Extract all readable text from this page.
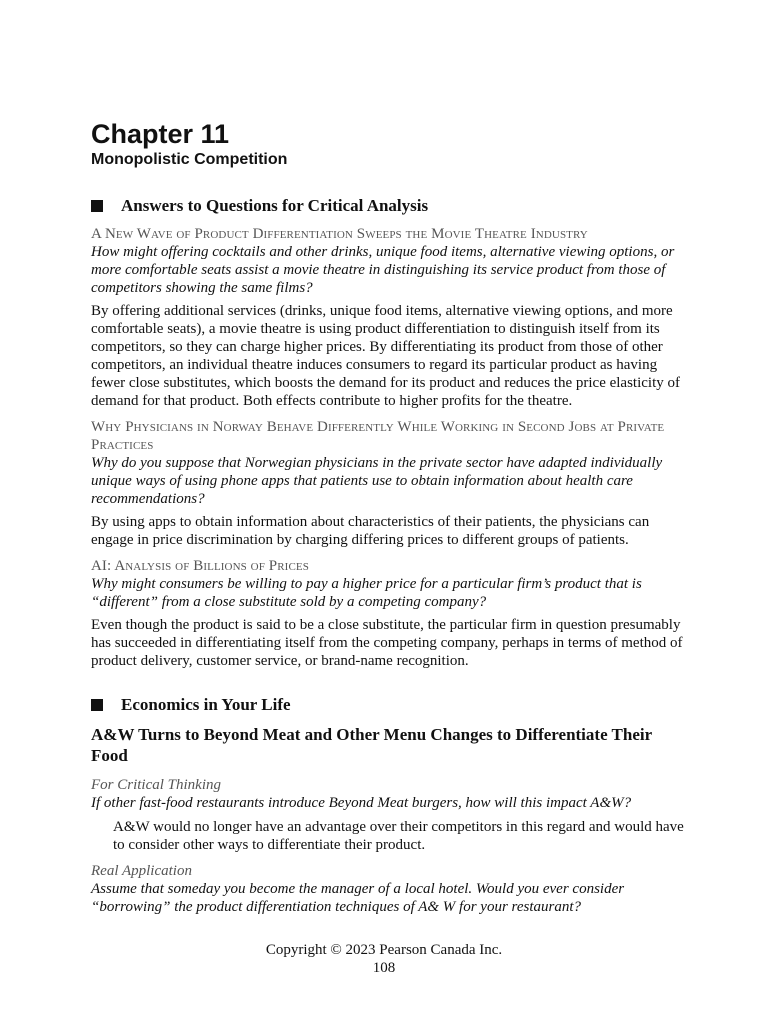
Chapter 11
Monopolistic Competition
Answers to Questions for Critical Analysis
A New Wave of Product Differentiation Sweeps the Movie Theatre Industry
How might offering cocktails and other drinks, unique food items, alternative viewing options, or more comfortable seats assist a movie theatre in distinguishing its service product from those of competitors showing the same films?
By offering additional services (drinks, unique food items, alternative viewing options, and more comfortable seats), a movie theatre is using product differentiation to distinguish itself from its competitors, so they can charge higher prices. By differentiating its product from those of other competitors, an individual theatre induces consumers to regard its particular product as having fewer close substitutes, which boosts the demand for its product and reduces the price elasticity of demand for that product. Both effects contribute to higher profits for the theatre.
Why Physicians in Norway Behave Differently While Working in Second Jobs at Private Practices
Why do you suppose that Norwegian physicians in the private sector have adapted individually unique ways of using phone apps that patients use to obtain information about health care recommendations?
By using apps to obtain information about characteristics of their patients, the physicians can engage in price discrimination by charging differing prices to different groups of patients.
AI: Analysis of Billions of Prices
Why might consumers be willing to pay a higher price for a particular firm’s product that is “different” from a close substitute sold by a competing company?
Even though the product is said to be a close substitute, the particular firm in question presumably has succeeded in differentiating itself from the competing company, perhaps in terms of method of product delivery, customer service, or brand-name recognition.
Economics in Your Life
A&W Turns to Beyond Meat and Other Menu Changes to Differentiate Their Food
For Critical Thinking
If other fast-food restaurants introduce Beyond Meat burgers, how will this impact A&W?
A&W would no longer have an advantage over their competitors in this regard and would have to consider other ways to differentiate their product.
Real Application
Assume that someday you become the manager of a local hotel. Would you ever consider “borrowing” the product differentiation techniques of A& W for your restaurant?
Copyright © 2023 Pearson Canada Inc.
108
